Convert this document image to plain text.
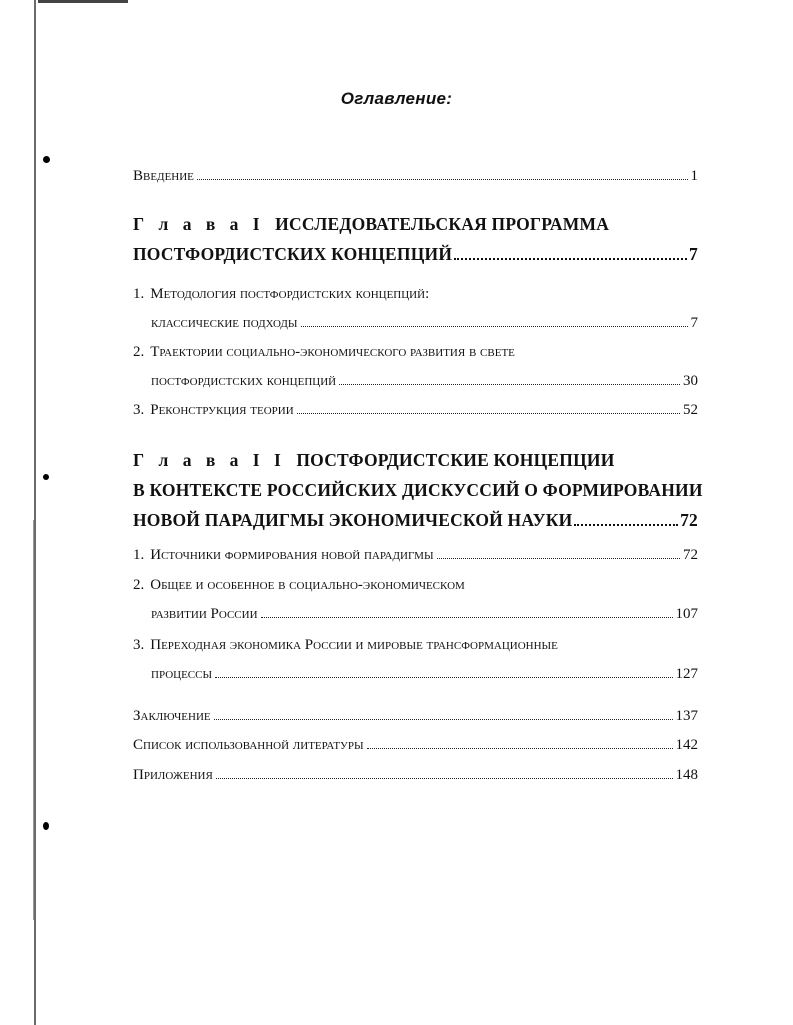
Оглавление:
Введение	1
Г л а в а I ИССЛЕДОВАТЕЛЬСКАЯ ПРОГРАММА
ПОСТФОРДИСТСКИХ КОНЦЕПЦИЙ	7
1. Методология постфордистских концепций:
классические подходы	7
2. Траектории социально-экономического развития в свете
постфордистских концепций	30
3. Реконструкция теории	52
Г л а в а I I ПОСТФОРДИСТСКИЕ КОНЦЕПЦИИ
В КОНТЕКСТЕ РОССИЙСКИХ ДИСКУССИЙ О ФОРМИРОВАНИИ
НОВОЙ ПАРАДИГМЫ ЭКОНОМИЧЕСКОЙ НАУКИ	72
1. Источники формирования новой парадигмы	72
2. Общее и особенное в социально-экономическом
развитии России	107
3. Переходная экономика России и мировые трансформационные
процессы	127
Заключение	137
Список использованной литературы	142
Приложения	148
